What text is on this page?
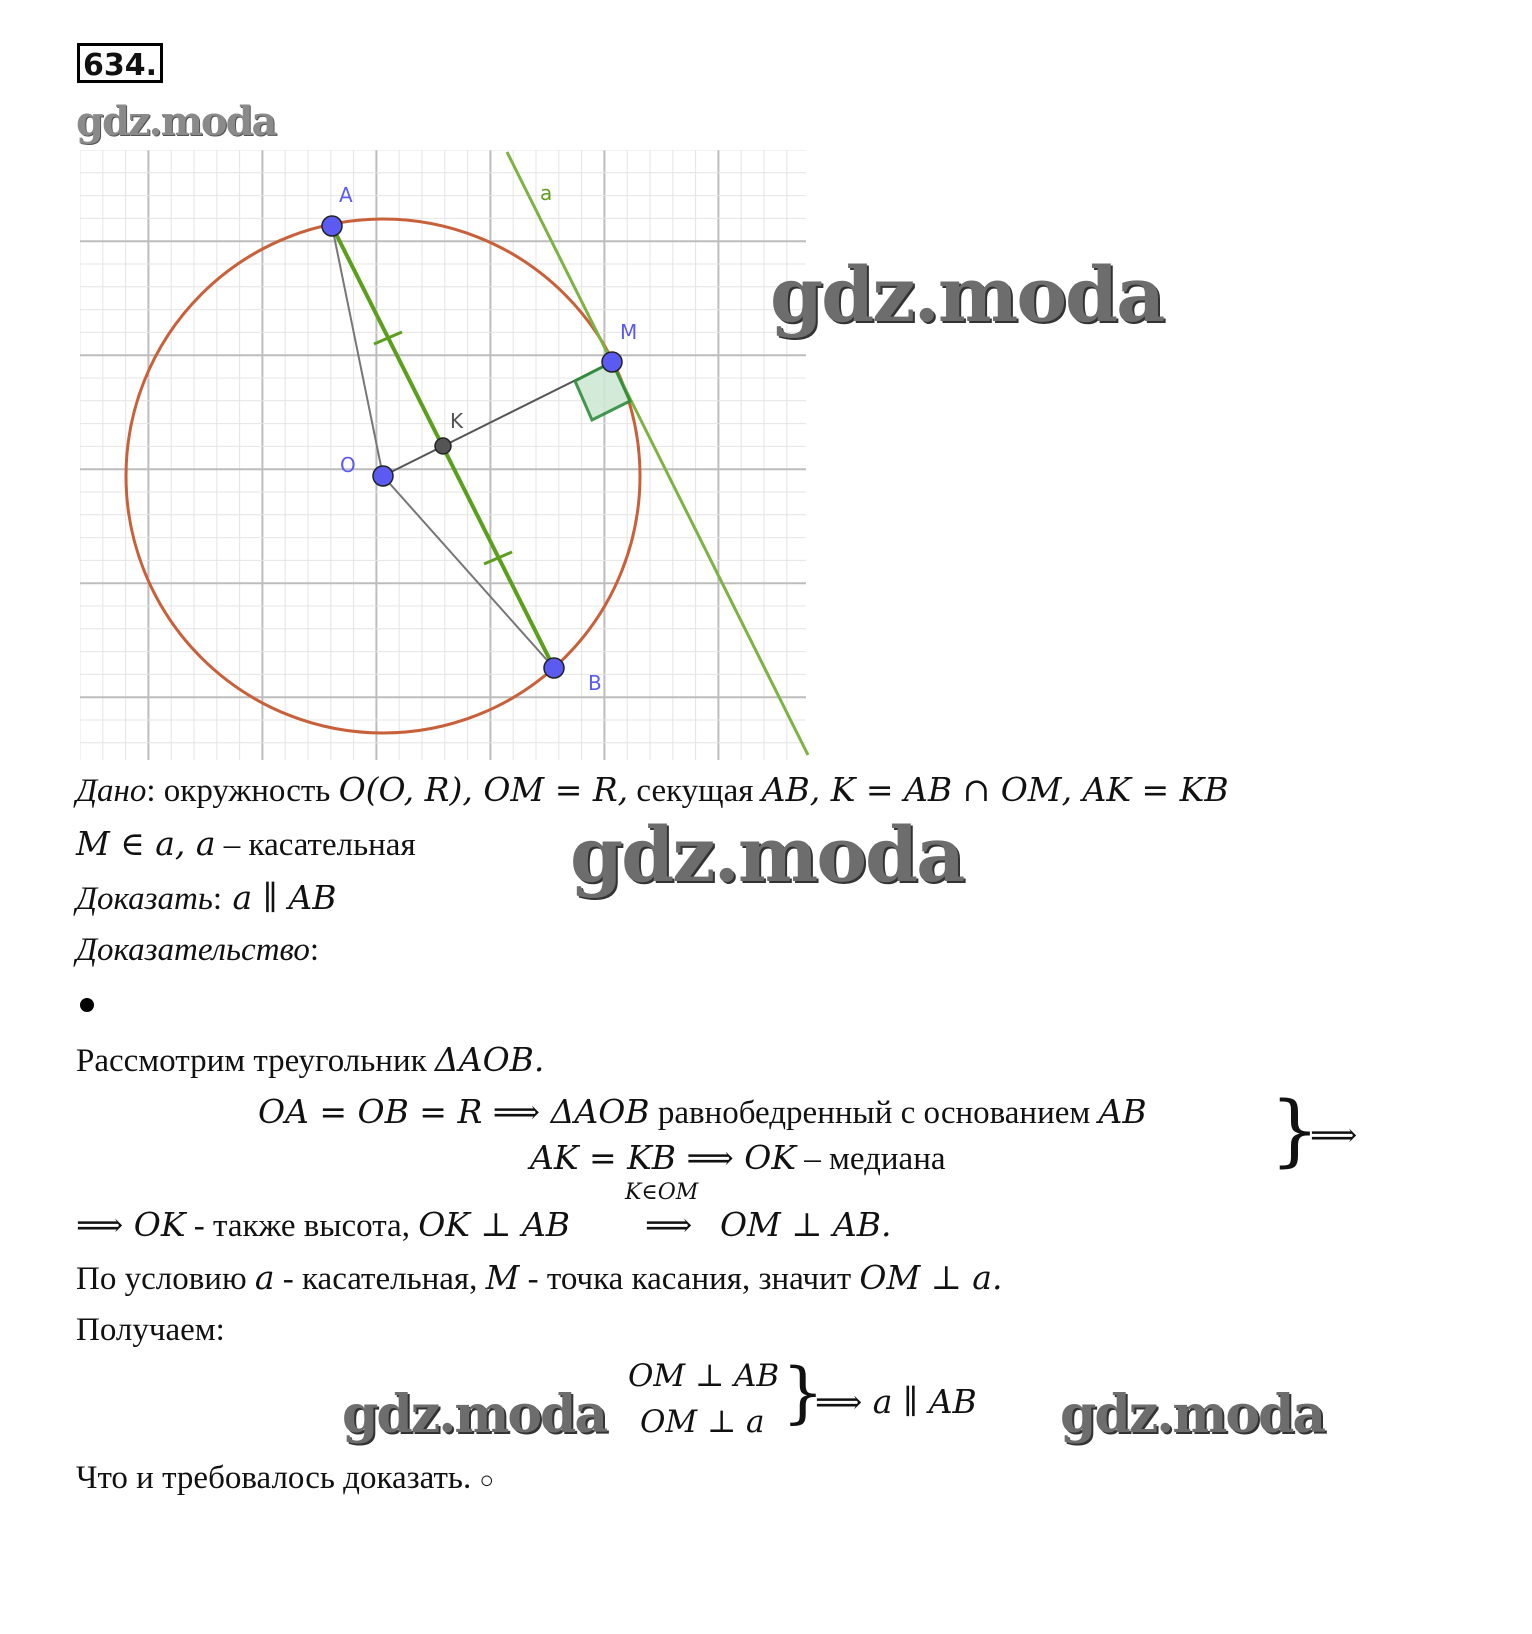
634.
gdz.moda
A
M
K
O
B
a
gdz.moda
Дано: окружность O(O, R), OM = R, секущая AB, K = AB ∩ OM, AK = KB
M ∈ a, a – касательная gdz.moda
Доказать: a ∥ AB
Доказательство:
Рассмотрим треугольник ΔAOB.
OA = OB = R ⟹ ΔAOB равнобедренный с основанием AB
AK = KB ⟹ OK – медиана	}
⟹
⟹ OK - также высота, OK ⊥ AB
K∈OM
⟹ OM ⊥ AB.
По условию a - касательная, M - точка касания, значит OM ⊥ a.
Получаем:
gdz.moda
OM ⊥ AB
OM ⊥ a }
⟹ a ∥ AB gdz.moda
Что и требовалось доказать. ○
